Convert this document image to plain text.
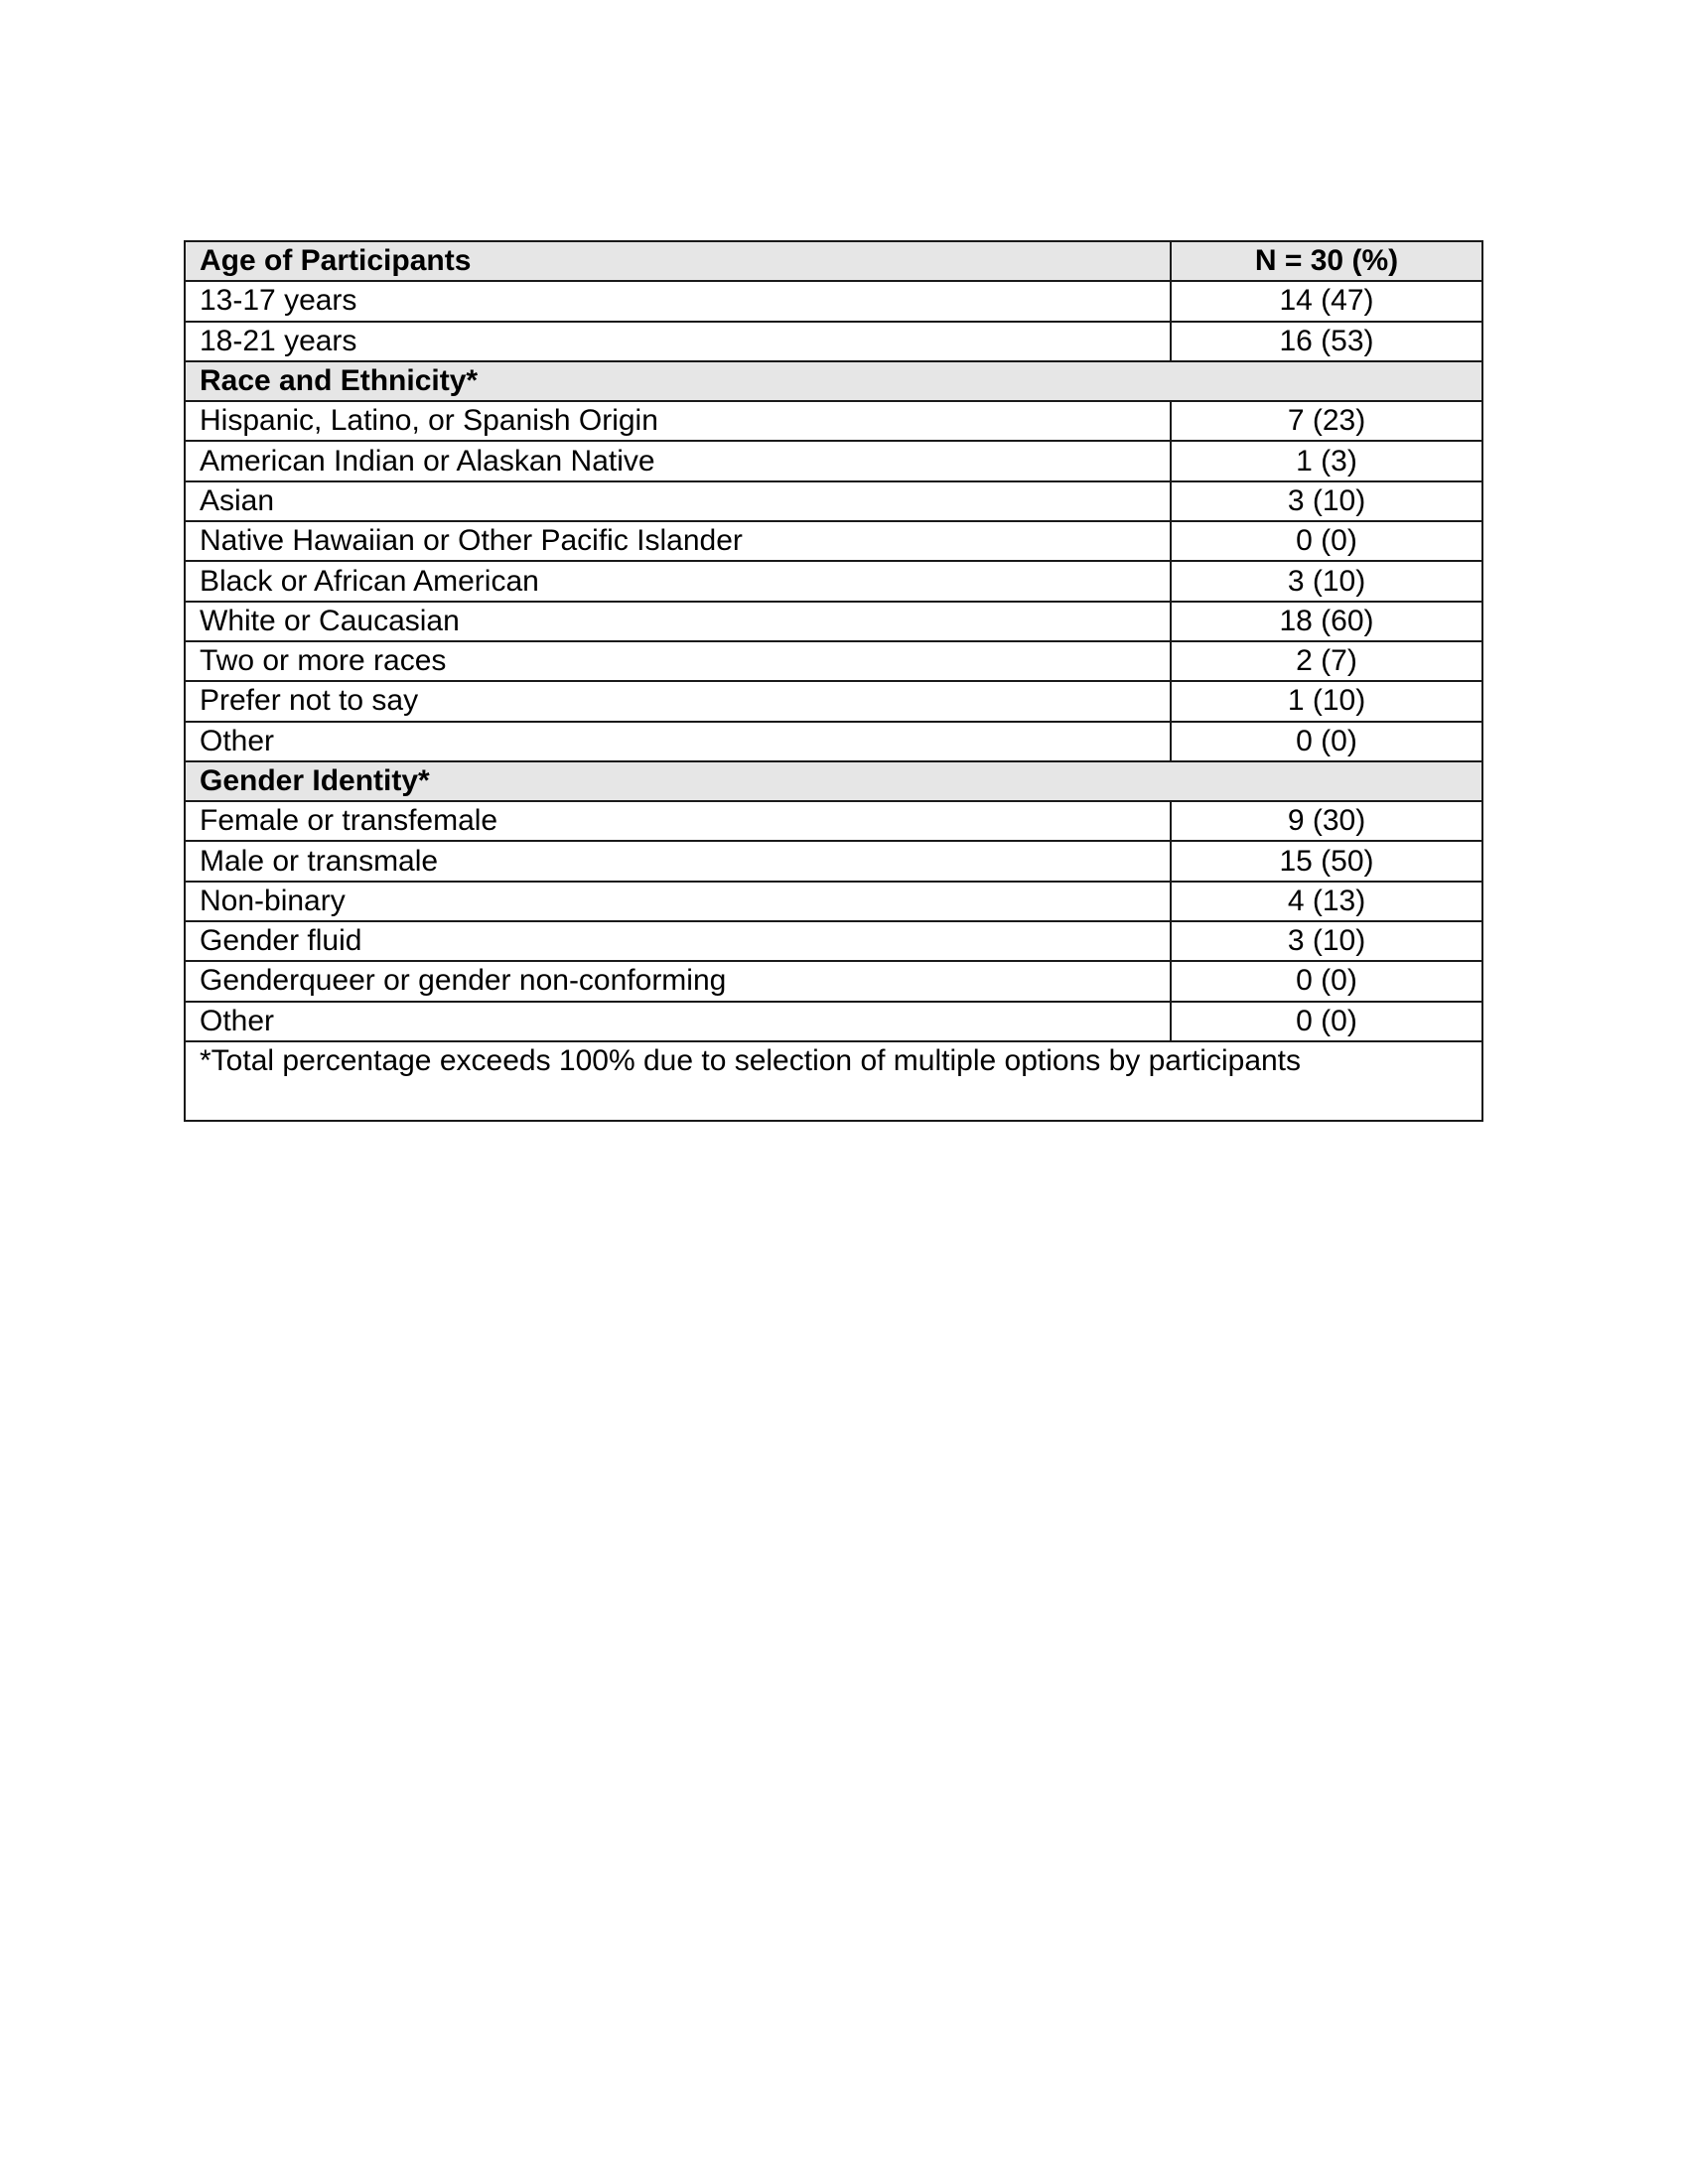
Age of Participants	N = 30 (%)
13-17 years	14 (47)
18-21 years	16 (53)
Race and Ethnicity*	
Hispanic, Latino, or Spanish Origin	7 (23)
American Indian or Alaskan Native	1 (3)
Asian	3 (10)
Native Hawaiian or Other Pacific Islander	0 (0)
Black or African American	3 (10)
White or Caucasian	18 (60)
Two or more races	2 (7)
Prefer not to say	1 (10)
Other	0 (0)
Gender Identity*	
Female or transfemale	9 (30)
Male or transmale	15 (50)
Non-binary	4 (13)
Gender fluid	3 (10)
Genderqueer or gender non-conforming	0 (0)
Other	0 (0)
*Total percentage exceeds 100% due to selection of multiple options by participants	
